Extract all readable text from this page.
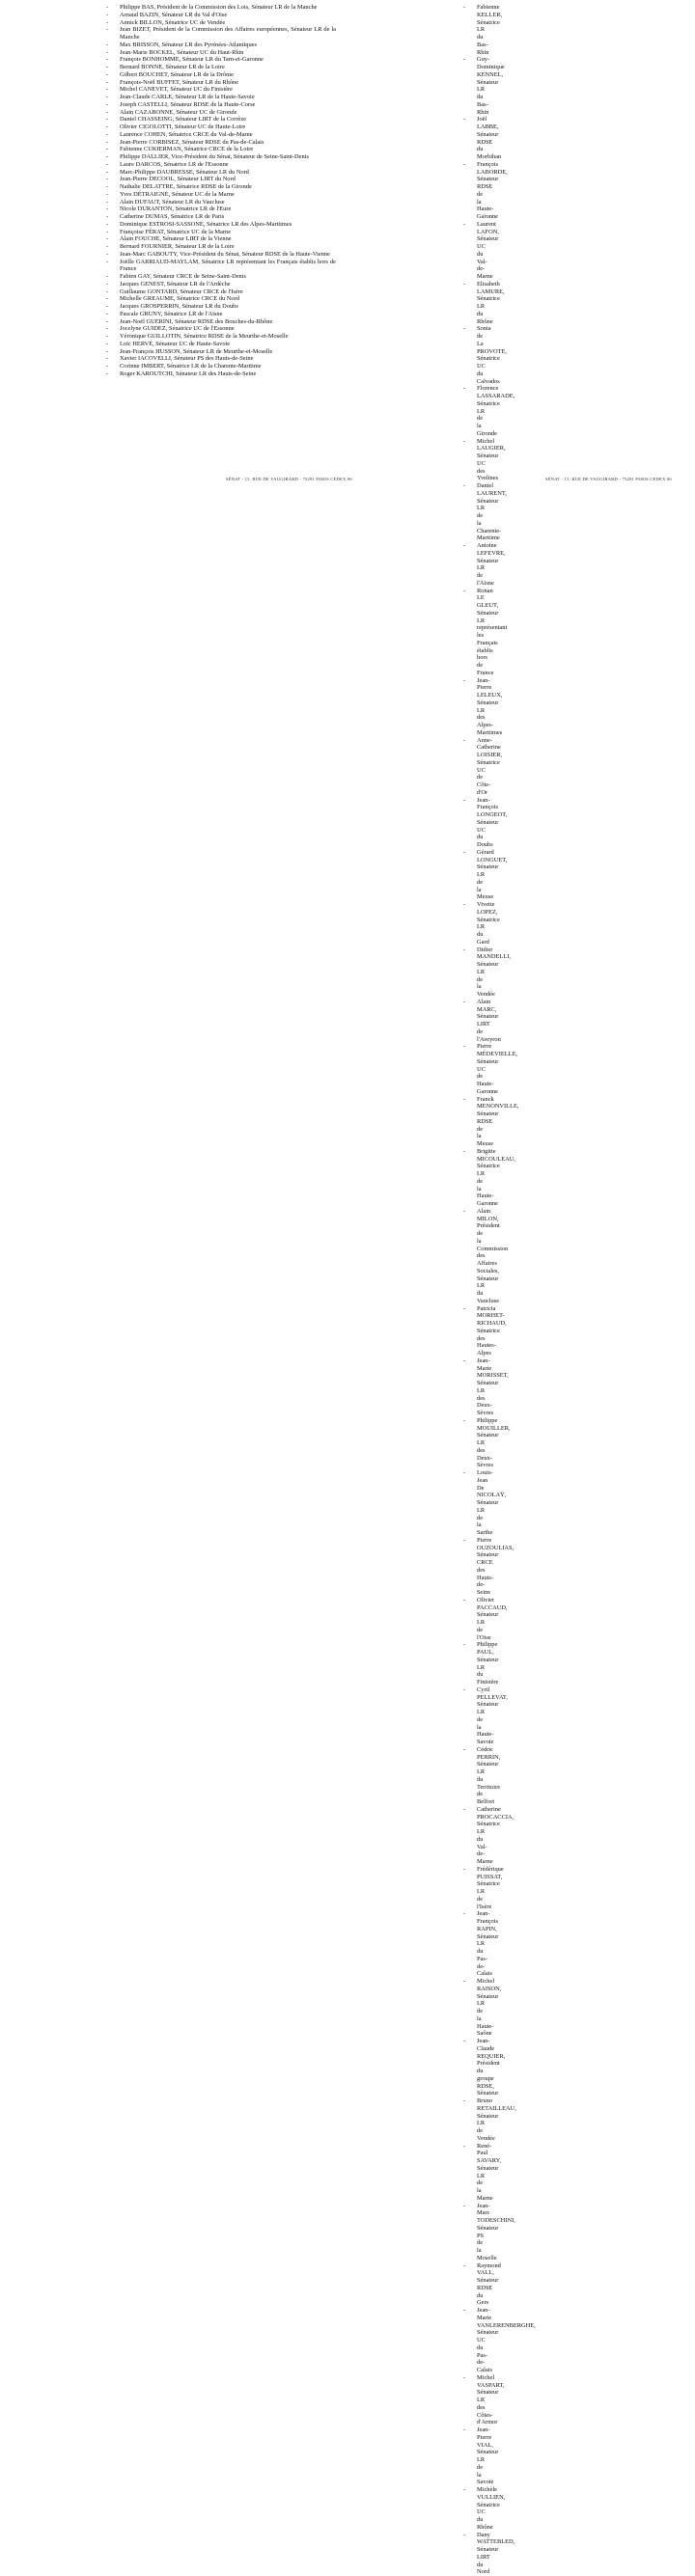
- Philippe BAS, Président de la Commission des Lois, Sénateur LR de la Manche
- Arnaud BAZIN, Sénateur LR du Val d'Oise
- Annick BILLON, Sénatrice UC de Vendée
- Jean BIZET, Président de la Commission des Affaires européennes, Sénateur LR de la Manche
- Max BRISSON, Sénateur LR des Pyrénées-Atlantiques
- Jean-Marie BOCKEL, Sénateur UC du Haut-Rhin
- François BONHOMME, Sénateur LR du Tarn-et-Garonne
- Bernard BONNE, Sénateur LR de la Loire
- Gilbert BOUCHET, Sénateur LR de la Drôme
- François-Noël BUFFET, Sénateur LR du Rhône
- Michel CANEVET, Sénateur UC du Finistère
- Jean-Claude CARLE, Sénateur LR de la Haute-Savoie
- Joseph CASTELLI, Sénateur RDSE de la Haute-Corse
- Alain CAZABONNE, Sénateur UC de Gironde
- Daniel CHASSEING, Sénateur LIRT de la Corrèze
- Olivier CIGOLOTTI, Sénateur UC de Haute-Loire
- Laurence COHEN, Sénatrice CRCE du Val-de-Marne
- Jean-Pierre CORBISEZ, Sénateur RDSE du Pas-de-Calais
- Fabienne CUKIERMAN, Sénatrice CRCE de la Loire
- Philippe DALLIER, Vice-Président du Sénat, Sénateur de Seine-Saint-Denis
- Laure DARCOS, Sénatrice LR de l'Essonne
- Marc-Philippe DAUBRESSE, Sénateur LR du Nord
- Jean-Pierre DECOOL, Sénateur LIRT du Nord
- Nathalie DELATTRE, Sénatrice RDSE de la Gironde
- Yves DÉTRAIGNE, Sénateur UC de la Marne
- Alain DUFAUT, Sénateur LR du Vaucluse
- Nicole DURANTON, Sénatrice LR de l'Eure
- Catherine DUMAS, Sénatrice LR de Paris
- Dominique ESTROSI-SASSONE, Sénatrice LR des Alpes-Maritimes
- Françoise FÉRAT, Sénatrice UC de la Marne
- Alain FOUCHE, Sénateur LIRT de la Vienne
- Bernard FOURNIER, Sénateur LR de la Loire
- Jean-Marc GABOUTY, Vice-Président du Sénat, Sénateur RDSE de la Haute-Vienne
- Joëlle GARRIAUD-MAYLAM, Sénatrice LR représentant les Français établis hors de France
- Fabien GAY, Sénateur CRCE de Seine-Saint-Denis
- Jacques GENEST, Sénateur LR de l'Ardèche
- Guillaume GONTARD, Sénateur CRCE de l'Isère
- Michelle GREAUME, Sénatrice CRCE du Nord
- Jacques GROSPERRIN, Sénateur LR du Doubs
- Pascale GRUNY, Sénatrice LR de l'Aisne
- Jean-Noël GUERINI, Sénateur RDSE des Bouches-du-Rhône
- Jocelyne GUIDEZ, Sénatrice UC de l'Essonne
- Véronique GUILLOTIN, Sénatrice RDSE de la Meurthe-et-Moselle
- Loïc HERVÉ, Sénateur UC de Haute-Savoie
- Jean-François HUSSON, Sénateur LR de Meurthe-et-Moselle
- Xavier IACOVELLI, Sénateur PS des Hauts-de-Seine
- Corinne IMBERT, Sénatrice LR de la Charente-Maritime
- Roger KAROUTCHI, Sénateur LR des Hauts-de-Seine
- Fabienne KELLER, Sénatrice LR du Bas-Rhin
- Guy-Dominique KENNEL, Sénateur LR du Bas-Rhin
- Joël LABBE, Sénateur RDSE du Morbihan
- François LABORDE, Sénateur RDSE de la Haute-Garonne
- Laurent LAFON, Sénateur UC du Val-de-Marne
- Elisabeth LAMURE, Sénatrice LR du Rhône
- Sonia de La PROVOTE, Sénatrice UC du Calvados
- Florence LASSARADE, Sénatrice LR de la Gironde
- Michel LAUGIER, Sénateur UC des Yvelines
- Daniel LAURENT, Sénateur LR de la Charente-Maritime
- Antoine LEFEVRE, Sénateur LR de l'Aisne
- Ronan LE GLEUT, Sénateur LR représentant les Français établis hors de France
- Jean-Pierre LELEUX, Sénateur LR des Alpes-Maritimes
- Anne-Catherine LOISIER, Sénatrice UC de Côte-d'Or
- Jean-François LONGEOT, Sénateur UC du Doubs
- Gérard LONGUET, Sénateur LR de la Meuse
- Vivette LOPEZ, Sénatrice LR du Gard
- Didier MANDELLI, Sénateur LR de la Vendée
- Alain MARC, Sénateur LIRT de l'Aveyron
- Pierre MÉDEVIELLE, Sénateur UC de Haute-Garonne
- Franck MENONVILLE, Sénateur RDSE de la Meuse
- Brigitte MICOULEAU, Sénatrice LR de la Haute-Garonne
- Alain MILON, Président de la Commission des Affaires Sociales, Sénateur LR du Vaucluse
- Patricia MORHET-RICHAUD, Sénatrice des Hautes-Alpes
- Jean-Marie MORISSET, Sénateur LR des Deux-Sèvres
- Philippe MOUILLER, Sénateur LR des Deux-Sèvres
- Louis-Jean De NICOLAŸ, Sénateur LR de la Sarthe
- Pierre OUZOULIAS, Sénateur CRCE des Hauts-de-Seine
- Olivier PACCAUD, Sénateur LR de l'Oise
- Philippe PAUL, Sénateur LR du Finistère
- Cyril PELLEVAT, Sénateur LR de la Haute-Savoie
- Cédric PERRIN, Sénateur LR du Territoire de Belfort
- Catherine PROCACCIA, Sénatrice LR du Val-de-Marne
- Frédérique PUISSAT, Sénatrice LR de l'Isère
- Jean-François RAPIN, Sénateur LR du Pas-de-Calais
- Michel RAISON, Sénateur LR de la Haute-Saône
- Jean-Claude REQUIER, Président du groupe RDSE, Sénateur
- Bruno RETAILLEAU, Sénateur LR de Vendée
- René-Paul SAVARY, Sénateur LR de la Marne
- Jean-Marc TODESCHINI, Sénateur PS de la Moselle
- Raymond VALL, Sénateur RDSE du Gers
- Jean-Marie VANLERENBERGHE, Sénateur UC du Pas-de-Calais
- Michel VASPART, Sénateur LR des Côtes-d'Armor
- Jean-Pierre VIAL, Sénateur LR de la Savoie
- Michèle VULLIEN, Sénatrice UC du Rhône
- Dany WATTEBLED, Sénateur LIRT du Nord
SÉNAT - 15, RUE DE VAUGIRARD - 75291 PARIS CEDEX 06	SÉNAT - 15, RUE DE VAUGIRARD - 75291 PARIS CEDEX 06
